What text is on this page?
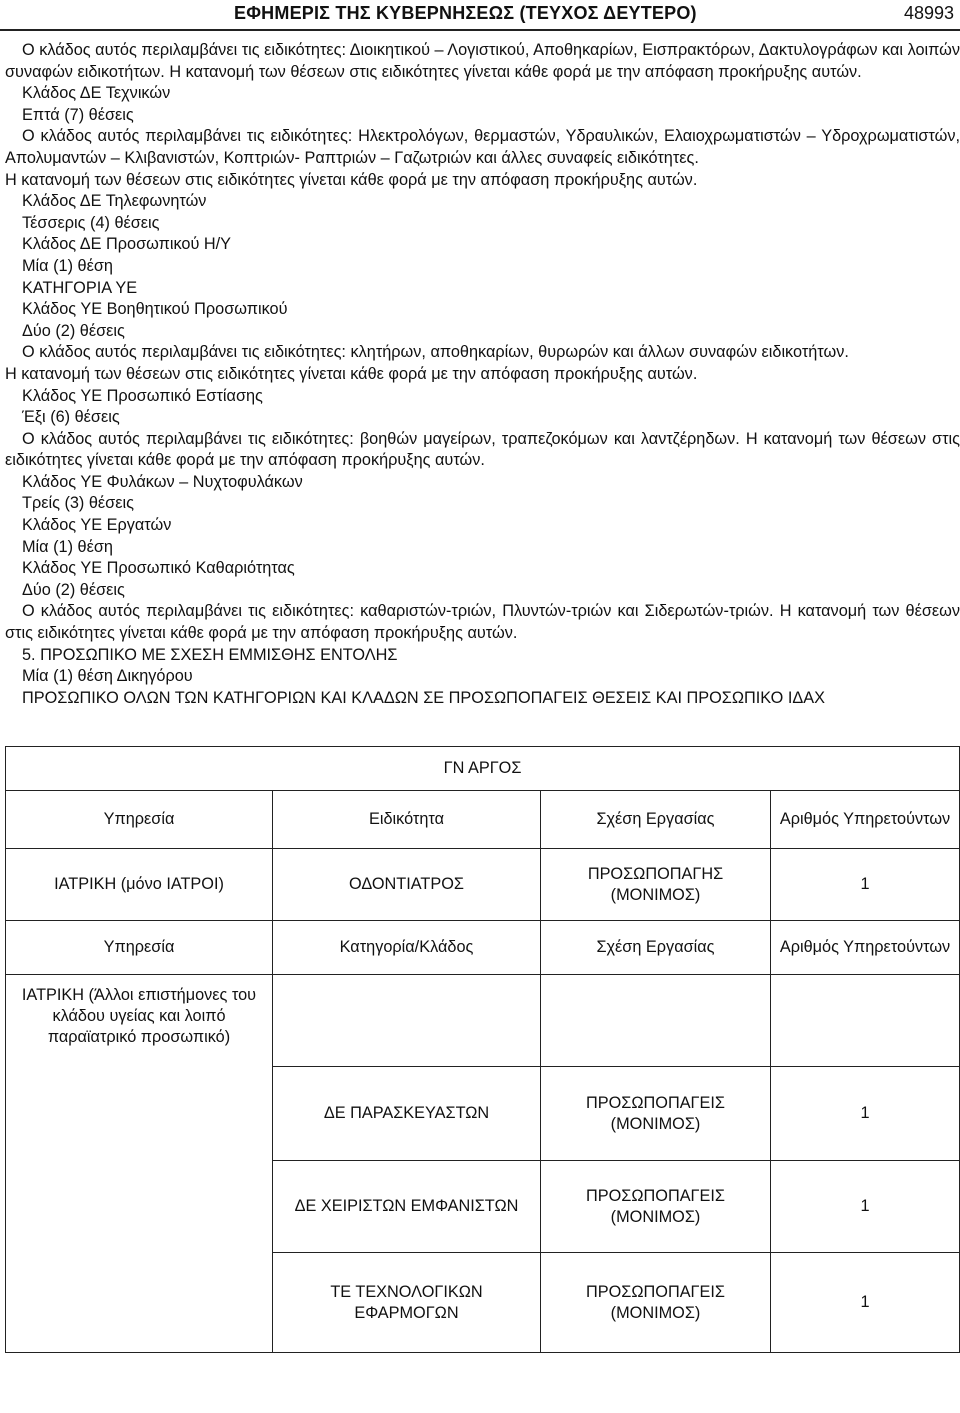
ΕΦΗΜΕΡΙΣ ΤΗΣ ΚΥΒΕΡΝΗΣΕΩΣ (ΤΕΥΧΟΣ ΔΕΥΤΕΡΟ)	48993

Ο κλάδος αυτός περιλαμβάνει τις ειδικότητες: Διοικητικού – Λογιστικού, Αποθηκαρίων, Εισπρακτόρων, Δακτυλογράφων και λοιπών συναφών ειδικοτήτων. Η κατανομή των θέσεων στις ειδικότητες γίνεται κάθε φορά με την απόφαση προκήρυξης αυτών.

Κλάδος ΔΕ Τεχνικών

Επτά (7) θέσεις

Ο κλάδος αυτός περιλαμβάνει τις ειδικότητες: Ηλεκτρολόγων, θερμαστών, Υδραυλικών, Ελαιοχρωματιστών – Υδροχρωματιστών, Απολυμαντών – Κλιβανιστών, Κοπτριών- Ραπτριών – Γαζωτριών και άλλες συναφείς ειδικότητες.

Η κατανομή των θέσεων στις ειδικότητες γίνεται κάθε φορά με την απόφαση προκήρυξης αυτών.

Κλάδος ΔΕ Τηλεφωνητών

Τέσσερις (4) θέσεις

Κλάδος ΔΕ Προσωπικού Η/Υ

Μία (1) θέση

ΚΑΤΗΓΟΡΙΑ ΥΕ

Κλάδος ΥΕ Βοηθητικού Προσωπικού

Δύο (2) θέσεις

Ο κλάδος αυτός περιλαμβάνει τις ειδικότητες: κλητήρων, αποθηκαρίων, θυρωρών και άλλων συναφών ειδικοτήτων.

Η κατανομή των θέσεων στις ειδικότητες γίνεται κάθε φορά με την απόφαση προκήρυξης αυτών.

Κλάδος ΥΕ Προσωπικό Εστίασης

Έξι (6) θέσεις

Ο κλάδος αυτός περιλαμβάνει τις ειδικότητες: βοηθών μαγείρων, τραπεζοκόμων και λαντζέρηδων. Η κατανομή των θέσεων στις ειδικότητες γίνεται κάθε φορά με την απόφαση προκήρυξης αυτών.

Κλάδος ΥΕ Φυλάκων – Νυχτοφυλάκων

Τρείς (3) θέσεις

Κλάδος ΥΕ Εργατών

Μία (1) θέση

Κλάδος ΥΕ Προσωπικό Καθαριότητας

Δύο (2) θέσεις

Ο κλάδος αυτός περιλαμβάνει τις ειδικότητες: καθαριστών-τριών, Πλυντών-τριών και Σιδερωτών-τριών. Η κατανομή των θέσεων στις ειδικότητες γίνεται κάθε φορά με την απόφαση προκήρυξης αυτών.

5. ΠΡΟΣΩΠΙΚΟ ΜΕ ΣΧΕΣΗ ΕΜΜΙΣΘΗΣ ΕΝΤΟΛΗΣ

Μία (1) θέση Δικηγόρου

ΠΡΟΣΩΠΙΚΟ ΟΛΩΝ ΤΩΝ ΚΑΤΗΓΟΡΙΩΝ ΚΑΙ ΚΛΑΔΩΝ ΣΕ ΠΡΟΣΩΠΟΠΑΓΕΙΣ ΘΕΣΕΙΣ ΚΑΙ ΠΡΟΣΩΠΙΚΟ ΙΔΑΧ

ΓΝ ΑΡΓΟΣ			
Υπηρεσία	Ειδικότητα	Σχέση Εργασίας	Αριθμός Υπηρετούντων
ΙΑΤΡΙΚΗ (μόνο ΙΑΤΡΟΙ)	ΟΔΟΝΤΙΑΤΡΟΣ	ΠΡΟΣΩΠΟΠΑΓΗΣ (ΜΟΝΙΜΟΣ)	1
Υπηρεσία	Κατηγορία/Κλάδος	Σχέση Εργασίας	Αριθμός Υπηρετούντων
ΙΑΤΡΙΚΗ (Άλλοι επιστήμονες του κλάδου υγείας και λοιπό παραϊατρικό προσωπικό)			
	ΔΕ ΠΑΡΑΣΚΕΥΑΣΤΩΝ	ΠΡΟΣΩΠΟΠΑΓΕΙΣ (ΜΟΝΙΜΟΣ)	1
	ΔΕ ΧΕΙΡΙΣΤΩΝ ΕΜΦΑΝΙΣΤΩΝ	ΠΡΟΣΩΠΟΠΑΓΕΙΣ (ΜΟΝΙΜΟΣ)	1
	ΤΕ ΤΕΧΝΟΛΟΓΙΚΩΝ ΕΦΑΡΜΟΓΩΝ	ΠΡΟΣΩΠΟΠΑΓΕΙΣ (ΜΟΝΙΜΟΣ)	1
